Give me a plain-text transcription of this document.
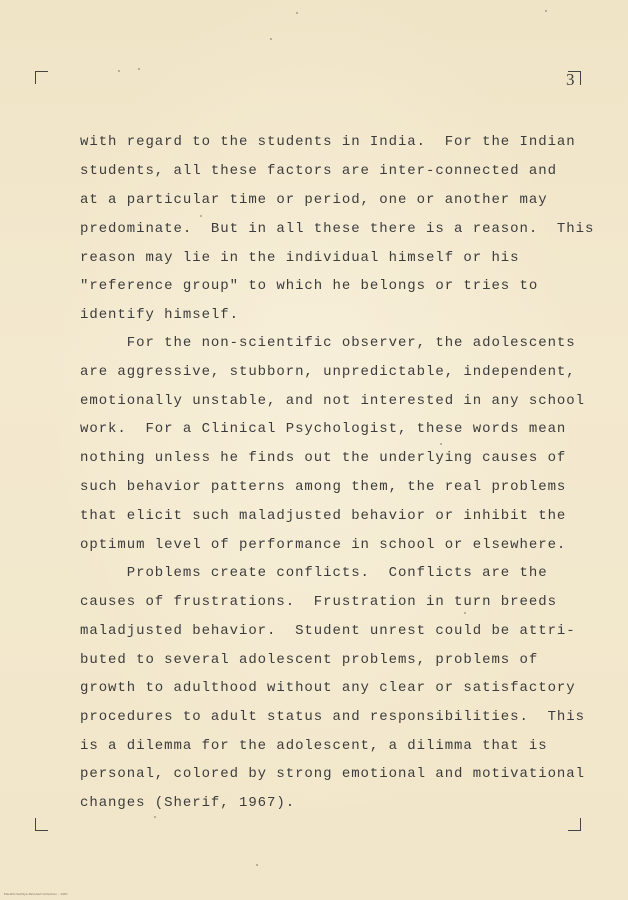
3
with regard to the students in India.  For the Indian
students, all these factors are inter-connected and
at a particular time or period, one or another may
predominate.  But in all these there is a reason.  This
reason may lie in the individual himself or his
"reference group" to which he belongs or tries to
identify himself.
For the non-scientific observer, the adolescents
are aggressive, stubborn, unpredictable, independent,
emotionally unstable, and not interested in any school
work.  For a Clinical Psychologist, these words mean
nothing unless he finds out the underlying causes of
such behavior patterns among them, the real problems
that elicit such maladjusted behavior or inhibit the
optimum level of performance in school or elsewhere.
Problems create conflicts.  Conflicts are the
causes of frustrations.  Frustration in turn breeds
maladjusted behavior.  Student unrest could be attri-
buted to several adolescent problems, problems of
growth to adulthood without any clear or satisfactory
procedures to adult status and responsibilities.  This
is a dilemma for the adolescent, a dilimma that is
personal, colored by strong emotional and motivational
changes (Sherif, 1967).
Marathi Sahitya Parishad Collection - 1967
